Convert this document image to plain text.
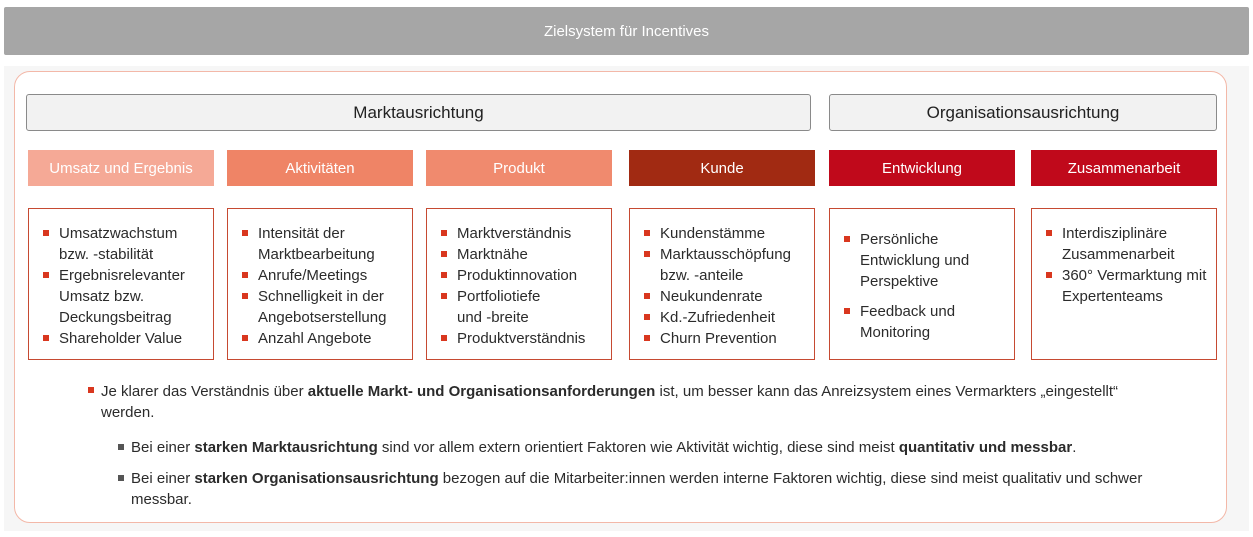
Zielsystem für Incentives
Marktausrichtung	Organisationsausrichtung
Umsatz und Ergebnis	Aktivitäten	Produkt	Kunde	Entwicklung	Zusammenarbeit
Umsatzwachstum bzw. -stabilität
Ergebnisrelevanter Umsatz bzw. Deckungsbeitrag
Shareholder Value
Intensität der Marktbearbeitung
Anrufe/Meetings
Schnelligkeit in der Angebotserstellung
Anzahl Angebote
Marktverständnis
Marktnähe
Produktinnovation
Portfoliotiefe und -breite
Produktverständnis
Kundenstämme
Marktausschöpfung bzw. -anteile
Neukundenrate
Kd.-Zufriedenheit
Churn Prevention
Persönliche Entwicklung und Perspektive
Feedback und Monitoring
Interdisziplinäre Zusammenarbeit
360° Vermarktung mit Expertenteams
Je klarer das Verständnis über aktuelle Markt- und Organisationsanforderungen ist, um besser kann das Anreizsystem eines Vermarkters „eingestellt“ werden.
Bei einer starken Marktausrichtung sind vor allem extern orientiert Faktoren wie Aktivität wichtig, diese sind meist quantitativ und messbar.
Bei einer starken Organisationsausrichtung bezogen auf die Mitarbeiter:innen werden interne Faktoren wichtig, diese sind meist qualitativ und schwer messbar.
